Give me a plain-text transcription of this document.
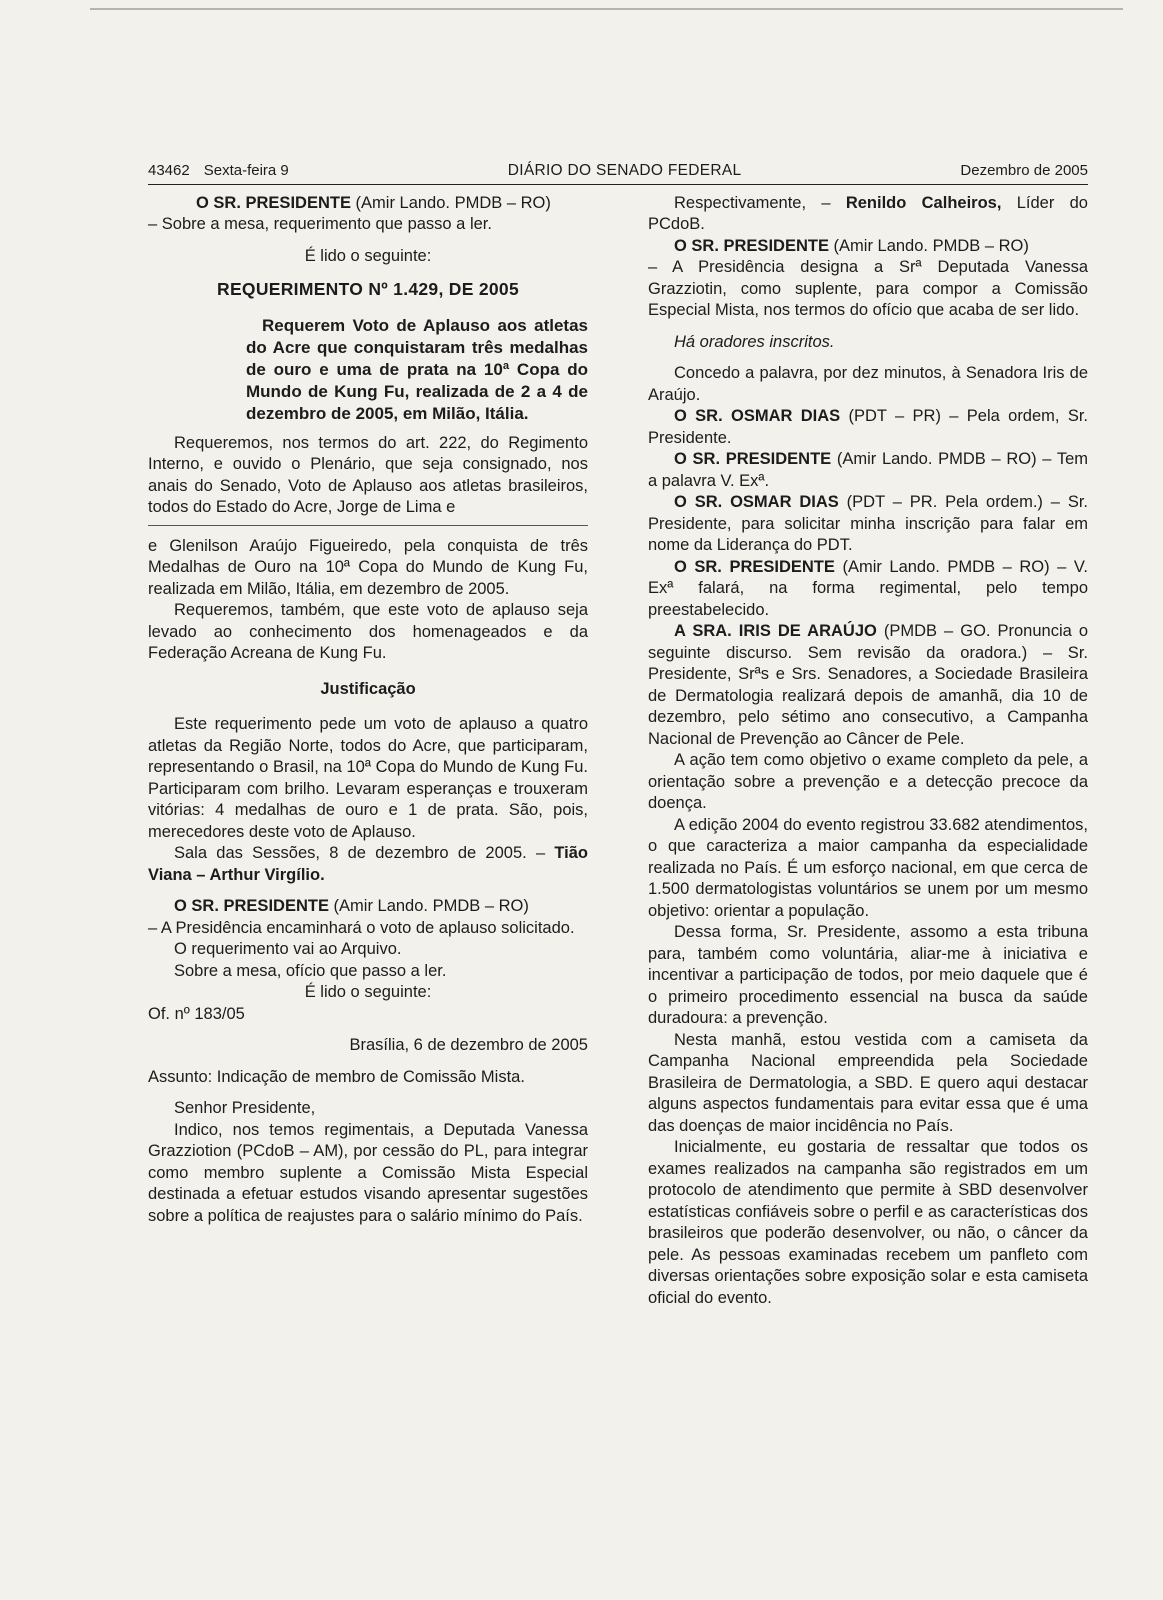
43462 Sexta-feira 9	DIÁRIO DO SENADO FEDERAL	Dezembro de 2005

O SR. PRESIDENTE (Amir Lando. PMDB – RO)

– Sobre a mesa, requerimento que passo a ler.

É lido o seguinte:

REQUERIMENTO Nº 1.429, DE 2005
Requerem Voto de Aplauso aos atletas do Acre que conquistaram três medalhas de ouro e uma de prata na 10ª Copa do Mundo de Kung Fu, realizada de 2 a 4 de dezembro de 2005, em Milão, Itália.

Requeremos, nos termos do art. 222, do Regimento Interno, e ouvido o Plenário, que seja consignado, nos anais do Senado, Voto de Aplauso aos atletas brasileiros, todos do Estado do Acre, Jorge de Lima e

e Glenilson Araújo Figueiredo, pela conquista de três Medalhas de Ouro na 10ª Copa do Mundo de Kung Fu, realizada em Milão, Itália, em dezembro de 2005.

Requeremos, também, que este voto de aplauso seja levado ao conhecimento dos homenageados e da Federação Acreana de Kung Fu.

Justificação

Este requerimento pede um voto de aplauso a quatro atletas da Região Norte, todos do Acre, que participaram, representando o Brasil, na 10ª Copa do Mundo de Kung Fu. Participaram com brilho. Levaram esperanças e trouxeram vitórias: 4 medalhas de ouro e 1 de prata. São, pois, merecedores deste voto de Aplauso.

Sala das Sessões, 8 de dezembro de 2005. – Tião Viana – Arthur Virgílio.

O SR. PRESIDENTE (Amir Lando. PMDB – RO)

– A Presidência encaminhará o voto de aplauso solicitado.

O requerimento vai ao Arquivo.

Sobre a mesa, ofício que passo a ler.

É lido o seguinte:

Of. nº 183/05

Brasília, 6 de dezembro de 2005

Assunto: Indicação de membro de Comissão Mista.

Senhor Presidente,

Indico, nos temos regimentais, a Deputada Vanessa Grazziotion (PCdoB – AM), por cessão do PL, para integrar como membro suplente a Comissão Mista Especial destinada a efetuar estudos visando apresentar sugestões sobre a política de reajustes para o salário mínimo do País.

Respectivamente, – Renildo Calheiros, Líder do PCdoB.

O SR. PRESIDENTE (Amir Lando. PMDB – RO)

– A Presidência designa a Srª Deputada Vanessa Grazziotin, como suplente, para compor a Comissão Especial Mista, nos termos do ofício que acaba de ser lido.

Há oradores inscritos.

Concedo a palavra, por dez minutos, à Senadora Iris de Araújo.

O SR. OSMAR DIAS (PDT – PR) – Pela ordem, Sr. Presidente.

O SR. PRESIDENTE (Amir Lando. PMDB – RO) – Tem a palavra V. Exª.

O SR. OSMAR DIAS (PDT – PR. Pela ordem.) – Sr. Presidente, para solicitar minha inscrição para falar em nome da Liderança do PDT.

O SR. PRESIDENTE (Amir Lando. PMDB – RO) – V. Exª falará, na forma regimental, pelo tempo preestabelecido.

A SRA. IRIS DE ARAÚJO (PMDB – GO. Pronuncia o seguinte discurso. Sem revisão da oradora.) – Sr. Presidente, Srªs e Srs. Senadores, a Sociedade Brasileira de Dermatologia realizará depois de amanhã, dia 10 de dezembro, pelo sétimo ano consecutivo, a Campanha Nacional de Prevenção ao Câncer de Pele.

A ação tem como objetivo o exame completo da pele, a orientação sobre a prevenção e a detecção precoce da doença.

A edição 2004 do evento registrou 33.682 atendimentos, o que caracteriza a maior campanha da especialidade realizada no País. É um esforço nacional, em que cerca de 1.500 dermatologistas voluntários se unem por um mesmo objetivo: orientar a população.

Dessa forma, Sr. Presidente, assomo a esta tribuna para, também como voluntária, aliar-me à iniciativa e incentivar a participação de todos, por meio daquele que é o primeiro procedimento essencial na busca da saúde duradoura: a prevenção.

Nesta manhã, estou vestida com a camiseta da Campanha Nacional empreendida pela Sociedade Brasileira de Dermatologia, a SBD. E quero aqui destacar alguns aspectos fundamentais para evitar essa que é uma das doenças de maior incidência no País.

Inicialmente, eu gostaria de ressaltar que todos os exames realizados na campanha são registrados em um protocolo de atendimento que permite à SBD desenvolver estatísticas confiáveis sobre o perfil e as características dos brasileiros que poderão desenvolver, ou não, o câncer da pele. As pessoas examinadas recebem um panfleto com diversas orientações sobre exposição solar e esta camiseta oficial do evento.
